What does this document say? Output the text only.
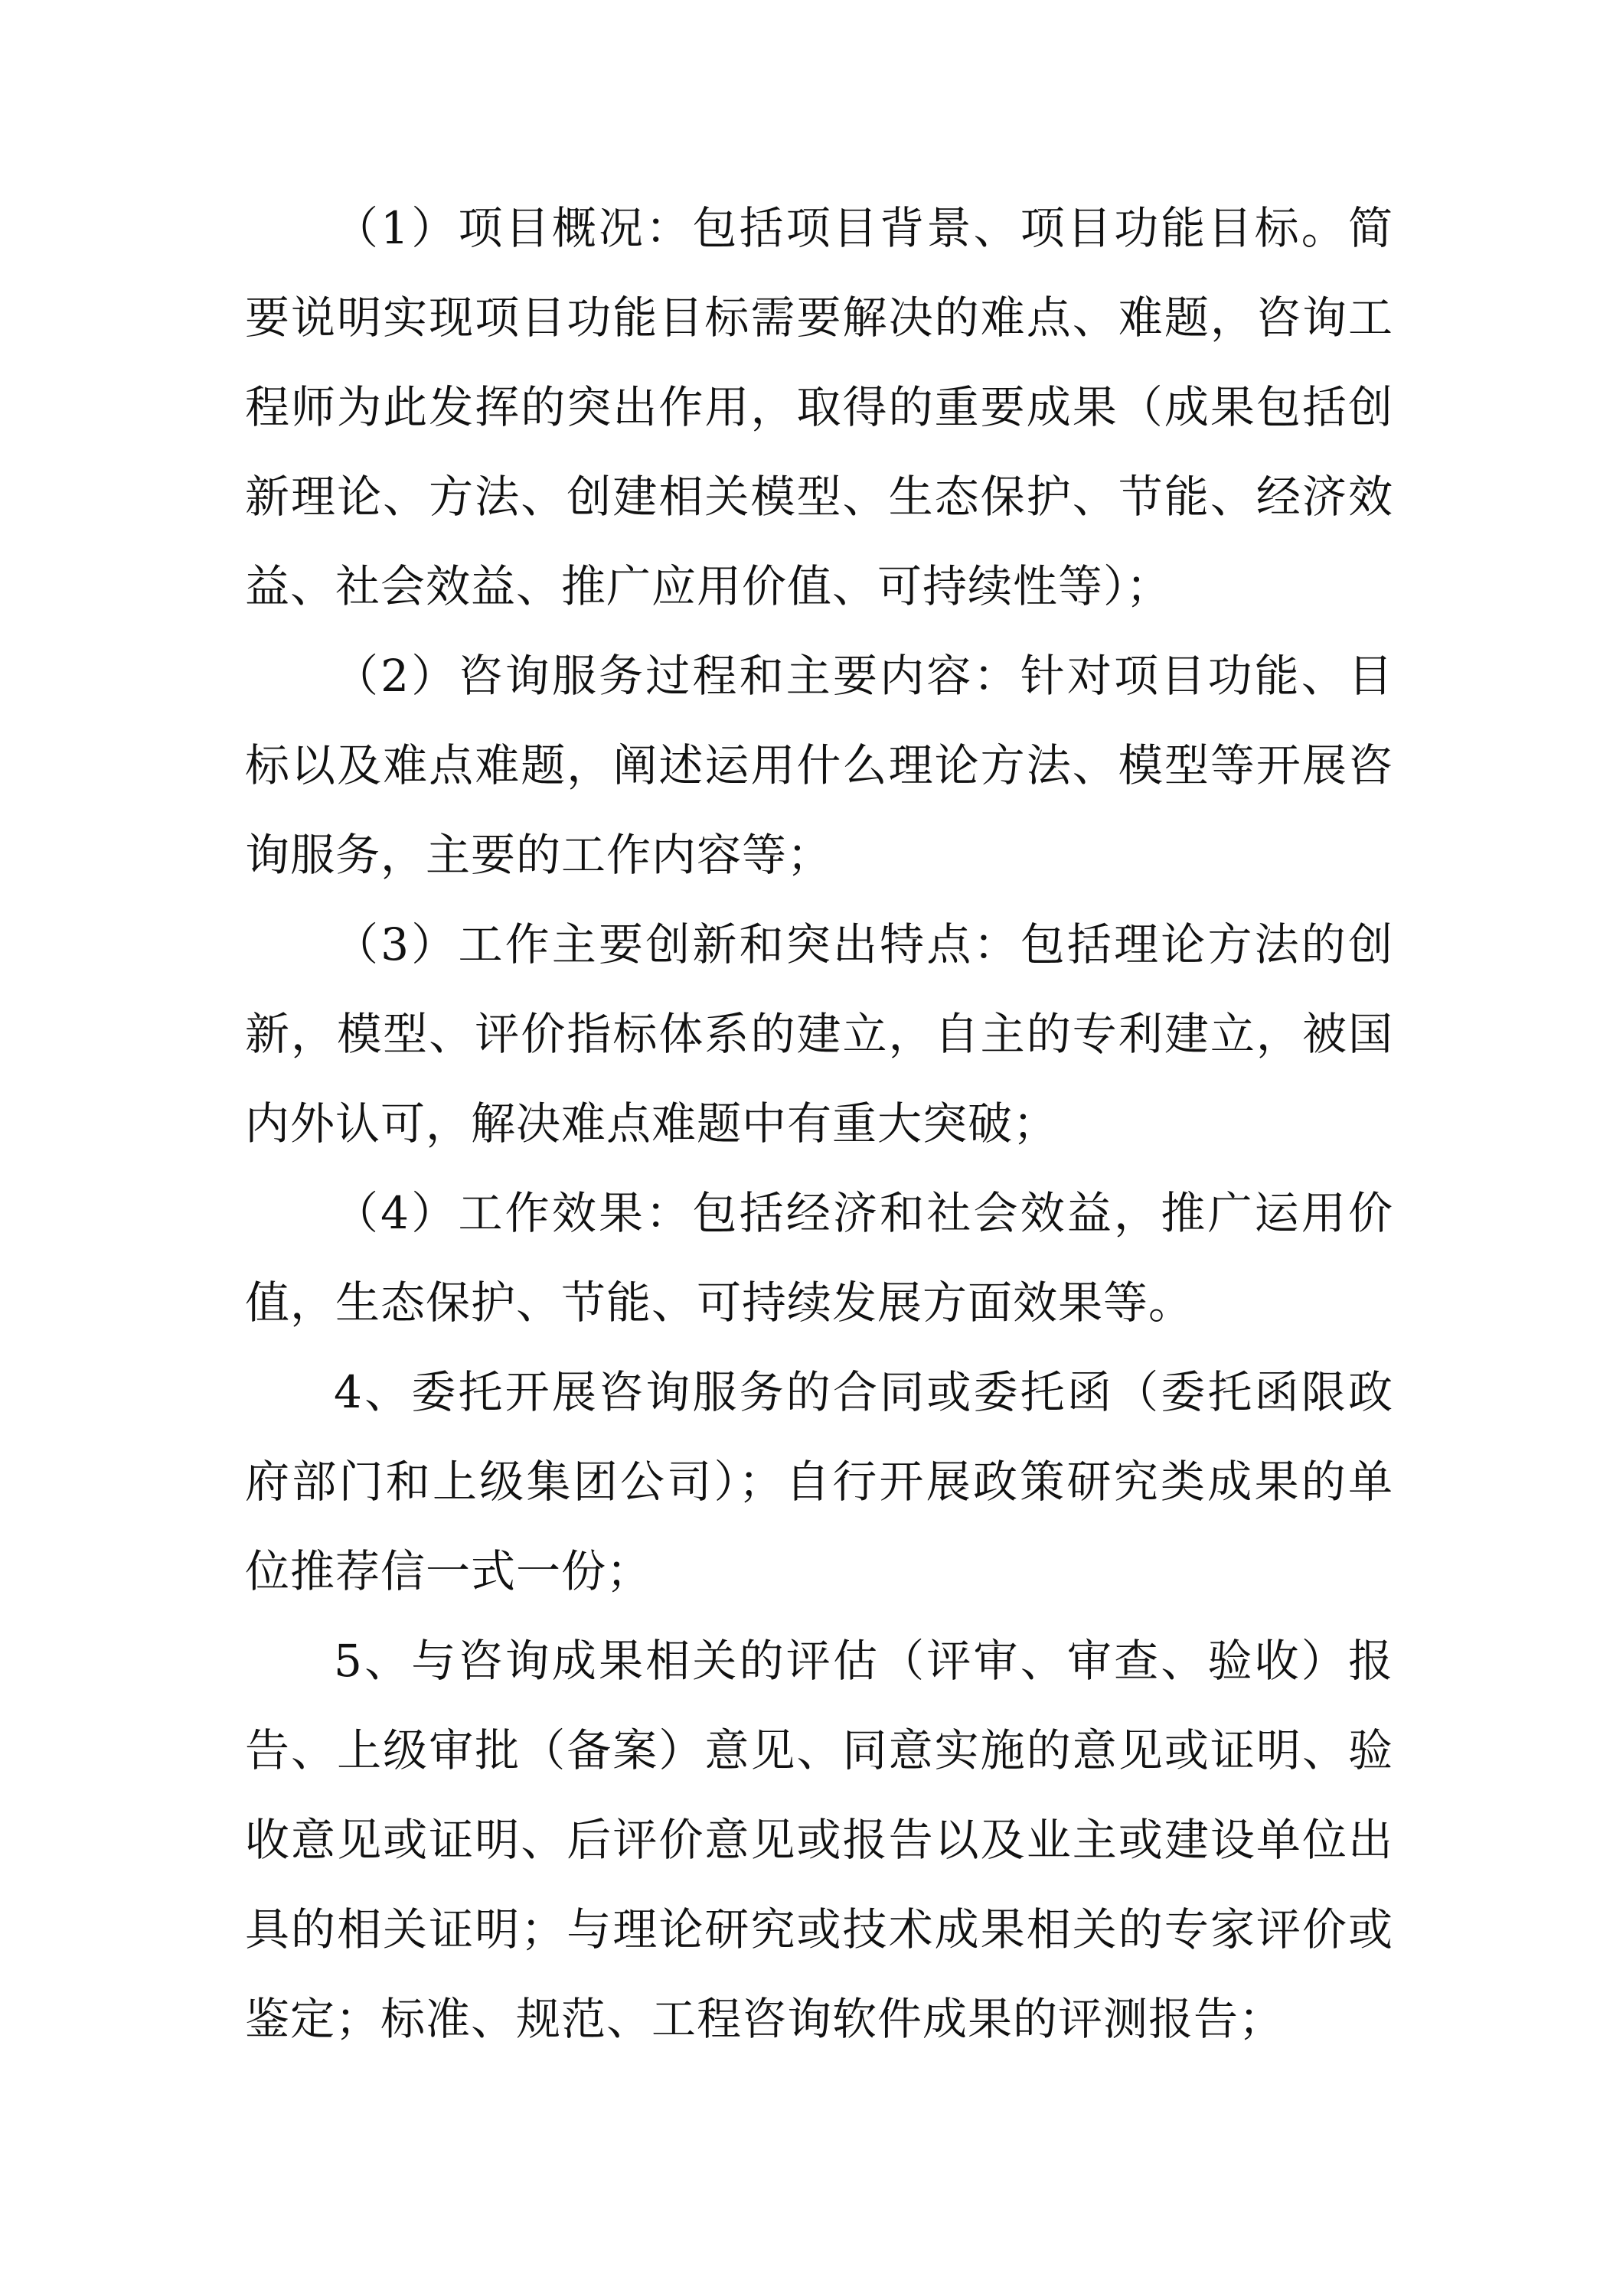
（1）项目概况：包括项目背景、项目功能目标。简要说明实现项目功能目标需要解决的难点、难题，咨询工程师为此发挥的突出作用，取得的重要成果（成果包括创新理论、方法、创建相关模型、生态保护、节能、经济效益、社会效益、推广应用价值、可持续性等）；

（2）咨询服务过程和主要内容：针对项目功能、目标以及难点难题，阐述运用什么理论方法、模型等开展咨询服务，主要的工作内容等；

（3）工作主要创新和突出特点：包括理论方法的创新，模型、评价指标体系的建立，自主的专利建立，被国内外认可，解决难点难题中有重大突破；

（4）工作效果：包括经济和社会效益，推广运用价值，生态保护、节能、可持续发展方面效果等。

4、委托开展咨询服务的合同或委托函（委托函限政府部门和上级集团公司）；自行开展政策研究类成果的单位推荐信一式一份；

5、与咨询成果相关的评估（评审、审查、验收）报告、上级审批（备案）意见、同意实施的意见或证明、验收意见或证明、后评价意见或报告以及业主或建设单位出具的相关证明；与理论研究或技术成果相关的专家评价或鉴定；标准、规范、工程咨询软件成果的评测报告；
